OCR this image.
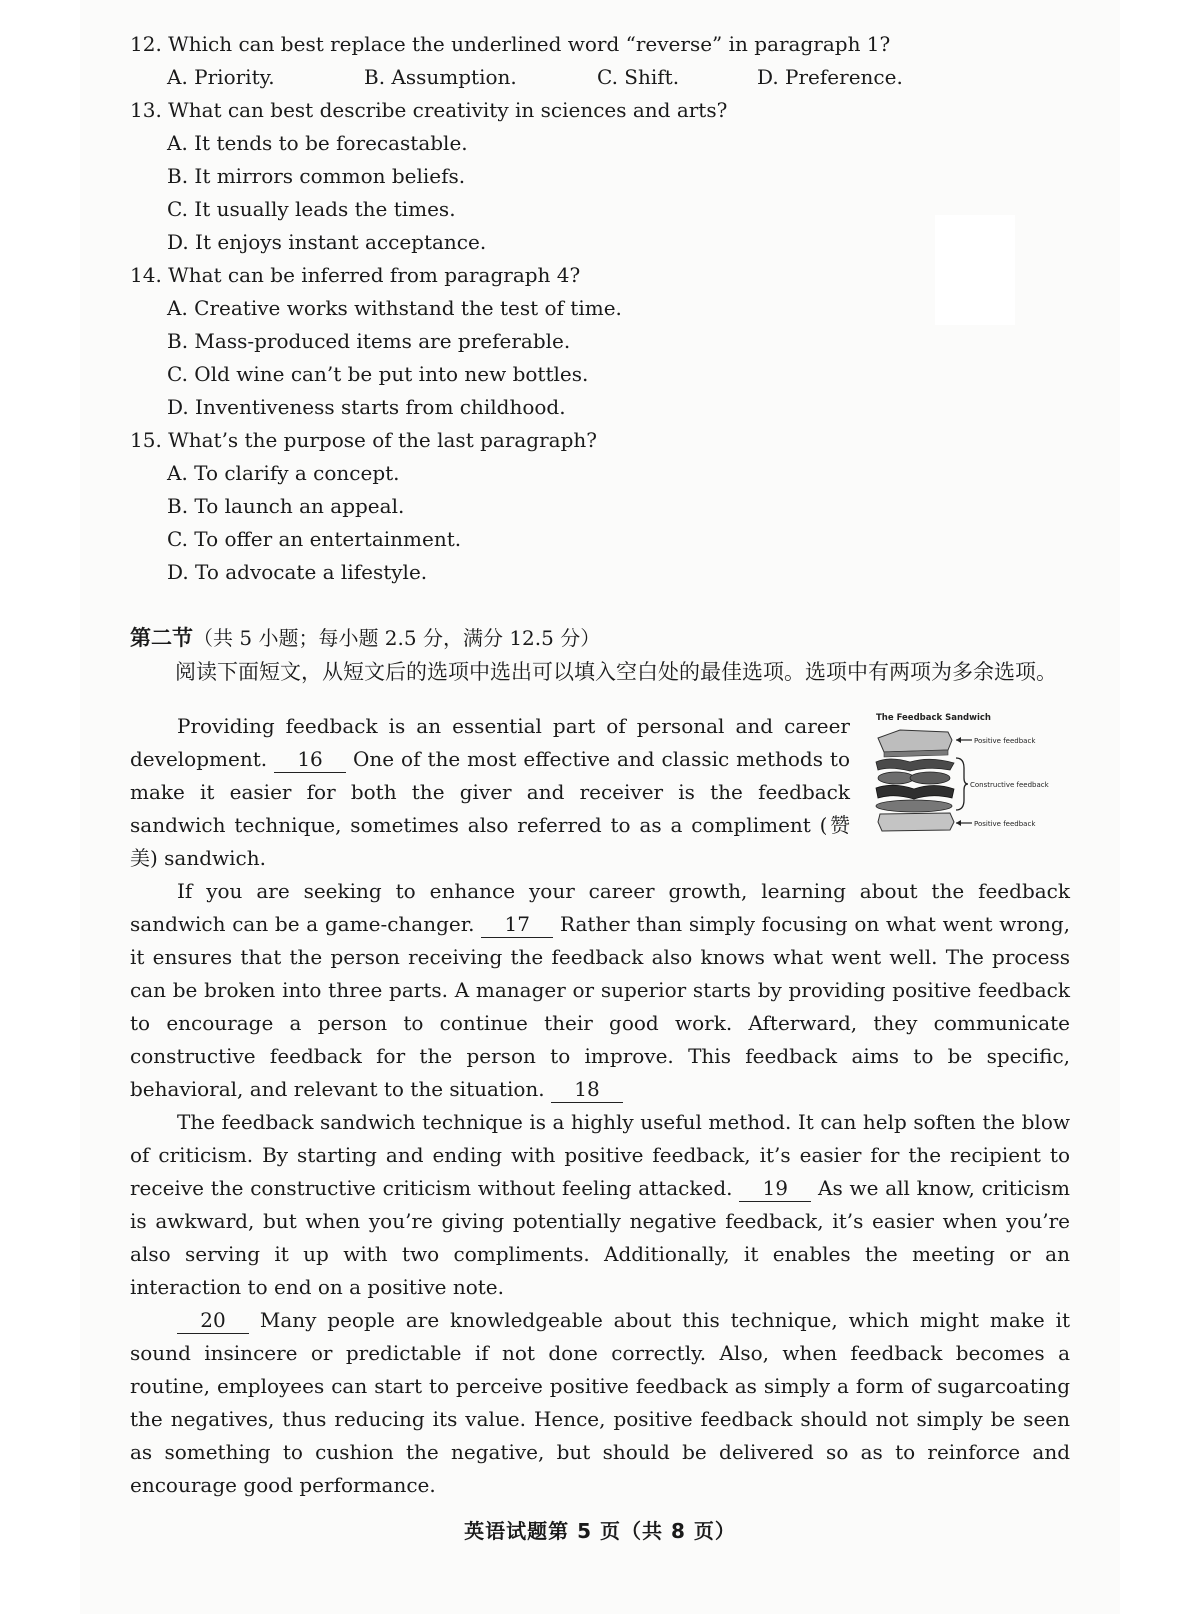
12. Which can best replace the underlined word “reverse” in paragraph 1?

A. Priority.	B. Assumption.	C. Shift.	D. Preference.

13. What can best describe creativity in sciences and arts?

A. It tends to be forecastable.

B. It mirrors common beliefs.

C. It usually leads the times.

D. It enjoys instant acceptance.

14. What can be inferred from paragraph 4?

A. Creative works withstand the test of time.

B. Mass-produced items are preferable.

C. Old wine can’t be put into new bottles.

D. Inventiveness starts from childhood.

15. What’s the purpose of the last paragraph?

A. To clarify a concept.

B. To launch an appeal.

C. To offer an entertainment.

D. To advocate a lifestyle.

第二节（共 5 小题；每小题 2.5 分，满分 12.5 分）
阅读下面短文，从短文后的选项中选出可以填入空白处的最佳选项。选项中有两项为多余选项。
The Feedback Sandwich
Positive feedback
Constructive feedback
Positive feedback

Providing feedback is an essential part of personal and career development. 16 One of the most effective and classic methods to make it easier for both the giver and receiver is the feedback sandwich technique, sometimes also referred to as a compliment (赞美) sandwich.

If you are seeking to enhance your career growth, learning about the feedback sandwich can be a game-changer. 17 Rather than simply focusing on what went wrong, it ensures that the person receiving the feedback also knows what went well. The process can be broken into three parts. A manager or superior starts by providing positive feedback to encourage a person to continue their good work. Afterward, they communicate constructive feedback for the person to improve. This feedback aims to be specific, behavioral, and relevant to the situation. 18

The feedback sandwich technique is a highly useful method. It can help soften the blow of criticism. By starting and ending with positive feedback, it’s easier for the recipient to receive the constructive criticism without feeling attacked. 19 As we all know, criticism is awkward, but when you’re giving potentially negative feedback, it’s easier when you’re also serving it up with two compliments. Additionally, it enables the meeting or an interaction to end on a positive note.

20 Many people are knowledgeable about this technique, which might make it sound insincere or predictable if not done correctly. Also, when feedback becomes a routine, employees can start to perceive positive feedback as simply a form of sugarcoating the negatives, thus reducing its value. Hence, positive feedback should not simply be seen as something to cushion the negative, but should be delivered so as to reinforce and encourage good performance.

英语试题第 5 页（共 8 页）
